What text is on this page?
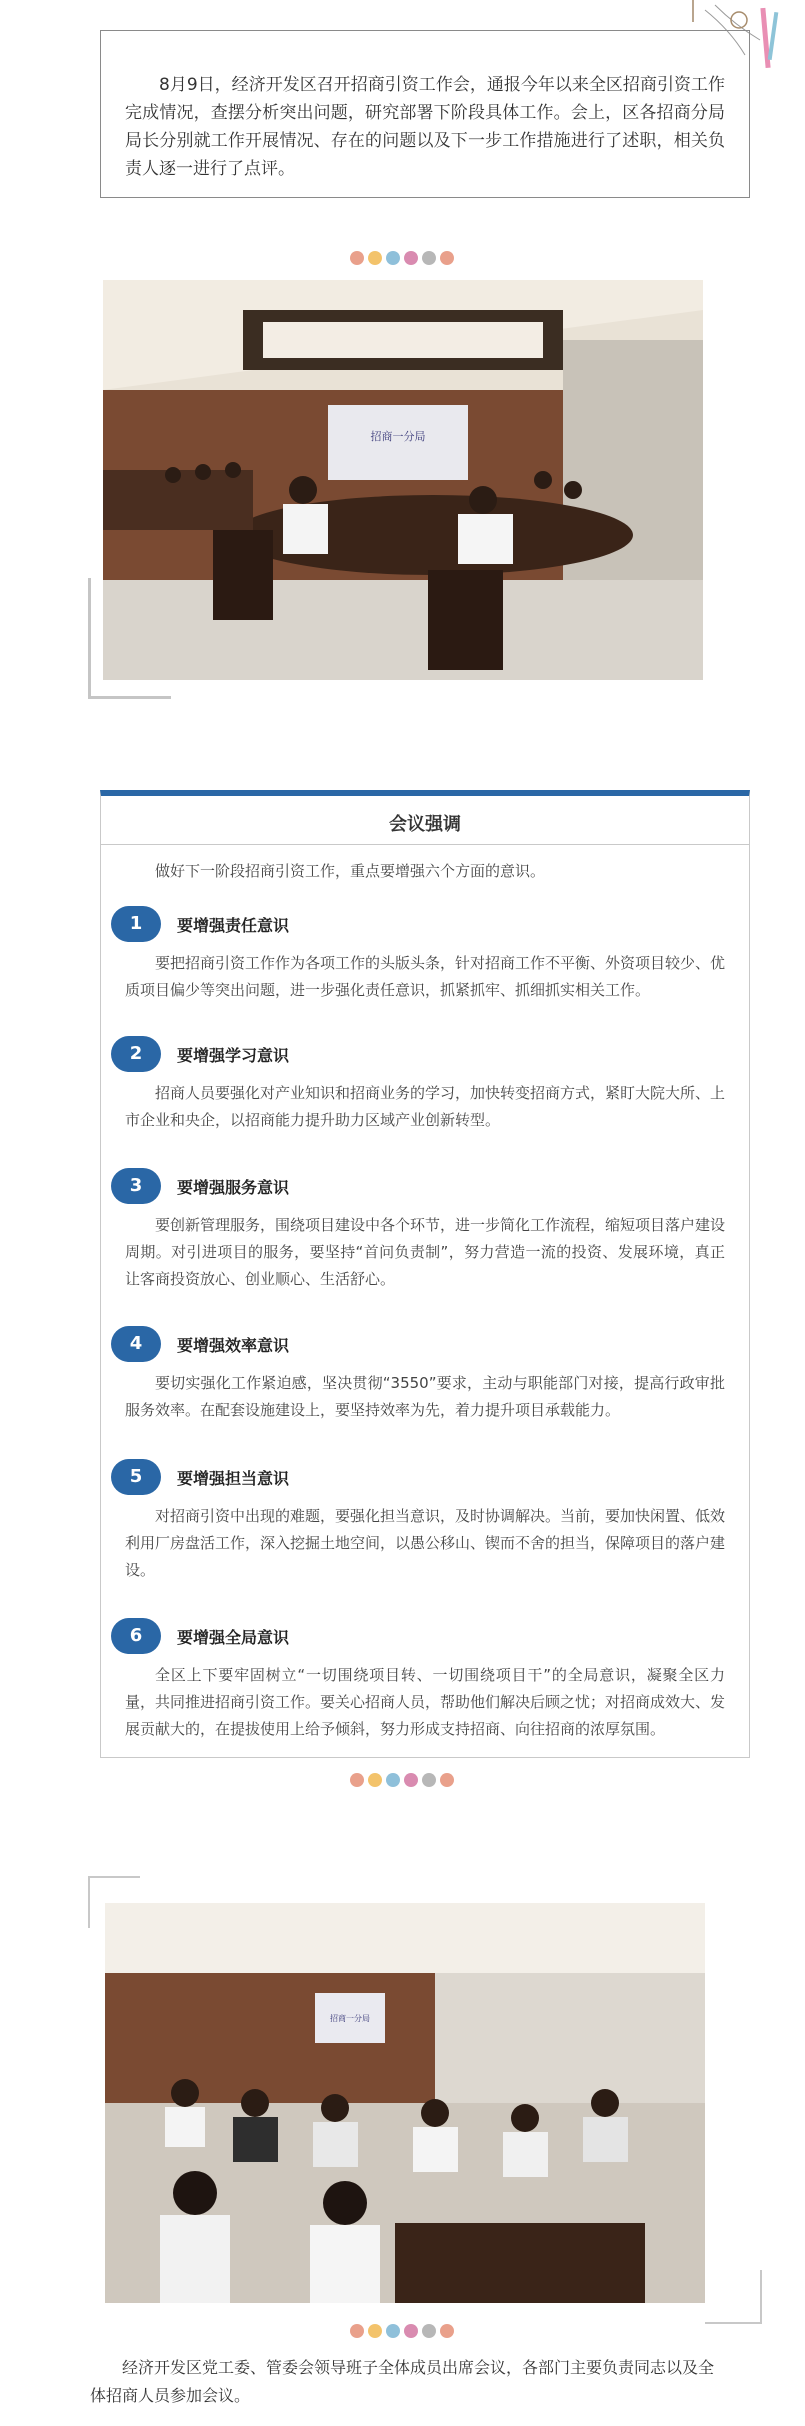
8月9日，经济开发区召开招商引资工作会，通报今年以来全区招商引资工作完成情况，查摆分析突出问题，研究部署下阶段具体工作。会上，区各招商分局局长分别就工作开展情况、存在的问题以及下一步工作措施进行了述职，相关负责人逐一进行了点评。
招商一分局
会议强调
做好下一阶段招商引资工作，重点要增强六个方面的意识。
1	要增强责任意识
要把招商引资工作作为各项工作的头版头条，针对招商工作不平衡、外资项目较少、优质项目偏少等突出问题，进一步强化责任意识，抓紧抓牢、抓细抓实相关工作。
2	要增强学习意识
招商人员要强化对产业知识和招商业务的学习，加快转变招商方式，紧盯大院大所、上市企业和央企，以招商能力提升助力区域产业创新转型。
3	要增强服务意识
要创新管理服务，围绕项目建设中各个环节，进一步简化工作流程，缩短项目落户建设周期。对引进项目的服务，要坚持“首问负责制”，努力营造一流的投资、发展环境，真正让客商投资放心、创业顺心、生活舒心。
4	要增强效率意识
要切实强化工作紧迫感，坚决贯彻“3550”要求，主动与职能部门对接，提高行政审批服务效率。在配套设施建设上，要坚持效率为先，着力提升项目承载能力。
5	要增强担当意识
对招商引资中出现的难题，要强化担当意识，及时协调解决。当前，要加快闲置、低效利用厂房盘活工作，深入挖掘土地空间，以愚公移山、锲而不舍的担当，保障项目的落户建设。
6	要增强全局意识
全区上下要牢固树立“一切围绕项目转、一切围绕项目干”的全局意识，凝聚全区力量，共同推进招商引资工作。要关心招商人员，帮助他们解决后顾之忧；对招商成效大、发展贡献大的，在提拔使用上给予倾斜，努力形成支持招商、向往招商的浓厚氛围。
招商一分局
经济开发区党工委、管委会领导班子全体成员出席会议，各部门主要负责同志以及全体招商人员参加会议。
